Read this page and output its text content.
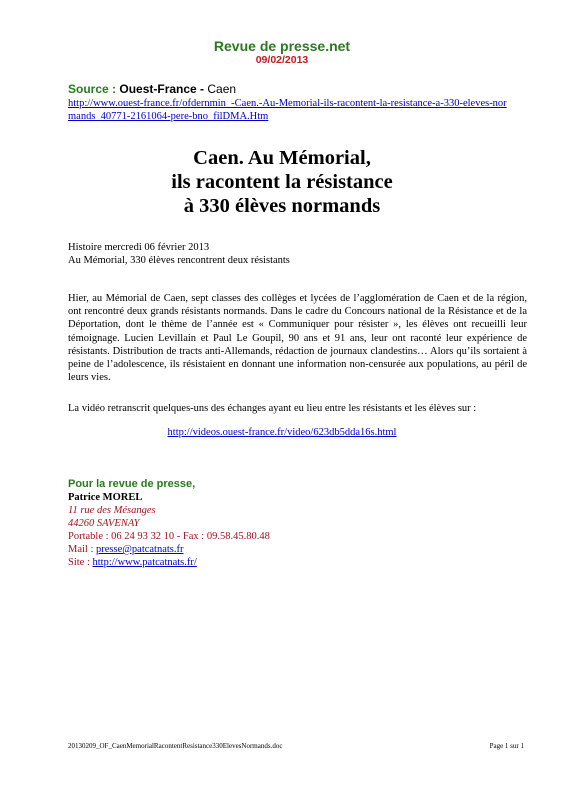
Revue de presse.net
09/02/2013
Source : Ouest-France - Caen
http://www.ouest-france.fr/ofdernmin_-Caen.-Au-Memorial-ils-racontent-la-resistance-a-330-eleves-normands_40771-2161064-pere-bno_filDMA.Htm
Caen. Au Mémorial,
ils racontent la résistance
à 330 élèves normands
Histoire mercredi 06 février 2013
Au Mémorial, 330 élèves rencontrent deux résistants
Hier, au Mémorial de Caen, sept classes des collèges et lycées de l’agglomération de Caen et de la région, ont rencontré deux grands résistants normands. Dans le cadre du Concours national de la Résistance et de la Déportation, dont le thème de l’année est « Communiquer pour résister », les élèves ont recueilli leur témoignage. Lucien Levillain et Paul Le Goupil, 90 ans et 91 ans, leur ont raconté leur expérience de résistants. Distribution de tracts anti-Allemands, rédaction de journaux clandestins… Alors qu’ils sortaient à peine de l’adolescence, ils résistaient en donnant une information non-censurée aux populations, au péril de leurs vies.
La vidéo retranscrit quelques-uns des échanges ayant eu lieu entre les résistants et les élèves sur :
http://videos.ouest-france.fr/video/623db5dda16s.html
Pour la revue de presse,
Patrice MOREL
11 rue des Mésanges
44260 SAVENAY
Portable : 06 24 93 32 10 - Fax : 09.58.45.80.48
Mail : presse@patcatnats.fr
Site : http://www.patcatnats.fr/
20130209_OF_CaenMemorialRacontentResistance330ElevesNormands.doc	Page 1 sur 1
